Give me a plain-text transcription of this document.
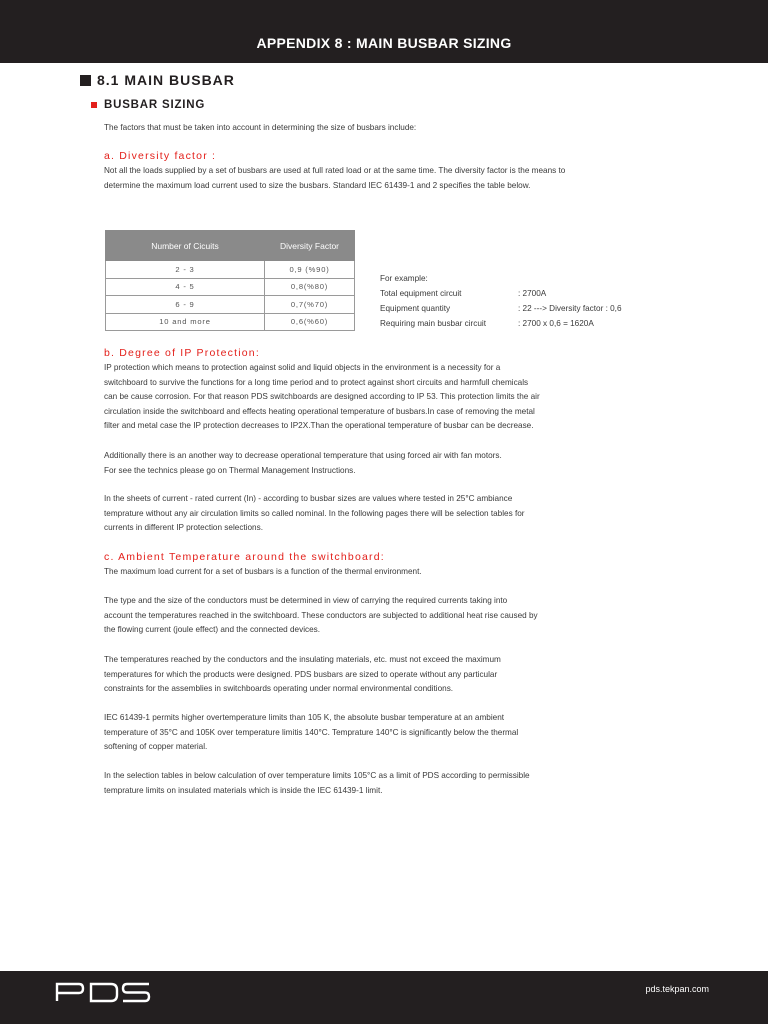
APPENDIX 8 : MAIN BUSBAR SIZING
8.1 MAIN BUSBAR
BUSBAR SIZING

The factors that must be taken into account in determining the size of busbars include:

a. Diversity factor :

Not all the loads supplied by a set of busbars are used at full rated load or at the same time. The diversity factor is the means to

determine the maximum load current used to size the busbars. Standard IEC 61439-1 and 2 specifies the table below.

Number of Cicuits	Diversity Factor
2 - 3	0,9 (%90)
4 - 5	0,8(%80)
6 - 9	0,7(%70)
10 and more	0,6(%60)
For example:
Total equipment circuit	: 2700A
Equipment quantity	: 22 ---> Diversity factor : 0,6
Requiring main busbar circuit	: 2700 x 0,6 = 1620A
b. Degree of IP Protection:

IP protection which means to protection against solid and liquid objects in the environment is a necessity for a

switchboard to survive the functions for a long time period and to protect against short circuits and harmfull chemicals

can be cause corrosion. For that reason PDS switchboards are designed according to IP 53. This protection limits the air

circulation inside the switchboard and effects heating operational temperature of busbars.In case of removing the metal

filter and metal case the IP protection decreases to IP2X.Than the operational temperature of busbar can be decrease.

Additionally there is an another way to decrease operational temperature that using forced air with fan motors.

For see the technics please go on Thermal Management Instructions.

In the sheets of current - rated current (In) - according to busbar sizes are values where tested in 25°C ambiance

temprature without any air circulation limits so called nominal. In the following pages there will be selection tables for

currents in different IP protection selections.

c. Ambient Temperature around the switchboard:

The maximum load current for a set of busbars is a function of the thermal environment.

The type and the size of the conductors must be determined in view of carrying the required currents taking into

account the temperatures reached in the switchboard. These conductors are subjected to additional heat rise caused by

the flowing current (joule effect) and the connected devices.

The temperatures reached by the conductors and the insulating materials, etc. must not exceed the maximum

temperatures for which the products were designed. PDS busbars are sized to operate without any particular

constraints for the assemblies in switchboards operating under normal environmental conditions.

IEC 61439-1 permits higher overtemperature limits than 105 K, the absolute busbar temperature at an ambient

temperature of 35°C and 105K over temperature limitis 140°C. Temprature 140°C is significantly below the thermal

softening of copper material.

In the selection tables in below calculation of over temperature limits 105°C as a limit of PDS according to permissible

temprature limits on insulated materials which is inside the IEC 61439-1 limit.

pds.tekpan.com
